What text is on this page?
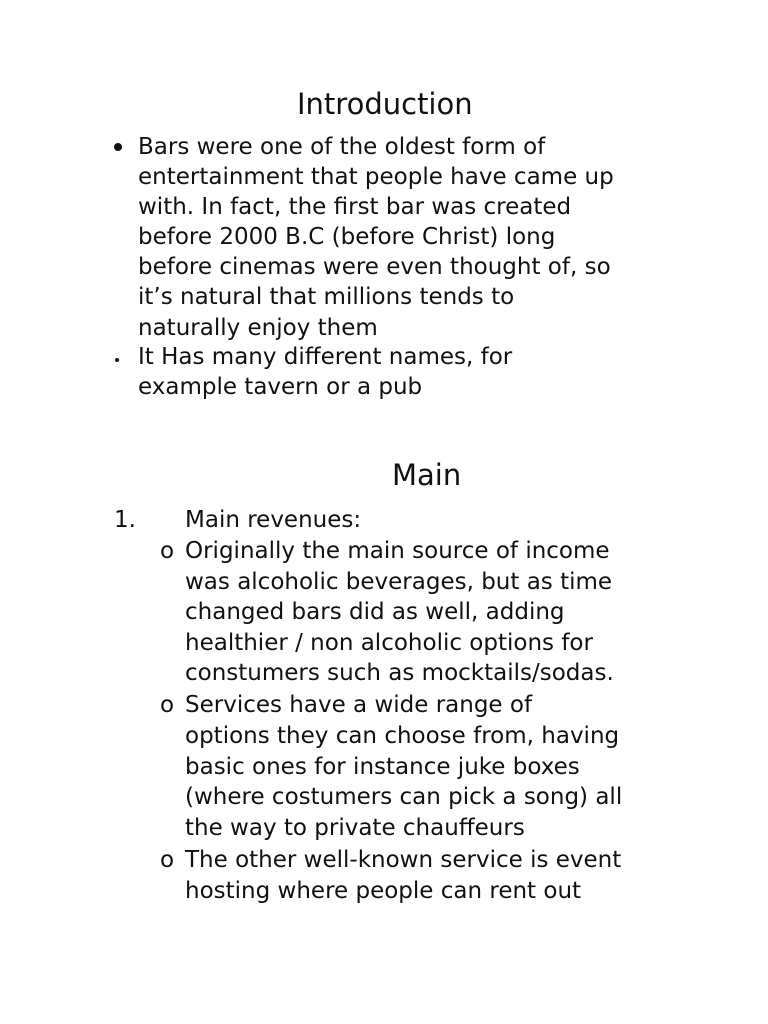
Introduction
Bars were one of the oldest form of
entertainment that people have came up
with. In fact, the first bar was created
before 2000 B.C (before Christ) long
before cinemas were even thought of, so
it’s natural that millions tends to
naturally enjoy them
It Has many different names, for
example tavern or a pub
Main
1. Main revenues:
o Originally the main source of income
was alcoholic beverages, but as time
changed bars did as well, adding
healthier / non alcoholic options for
constumers such as mocktails/sodas.
o Services have a wide range of
options they can choose from, having
basic ones for instance juke boxes
(where costumers can pick a song) all
the way to private chauffeurs
o The other well-known service is event
hosting where people can rent out
